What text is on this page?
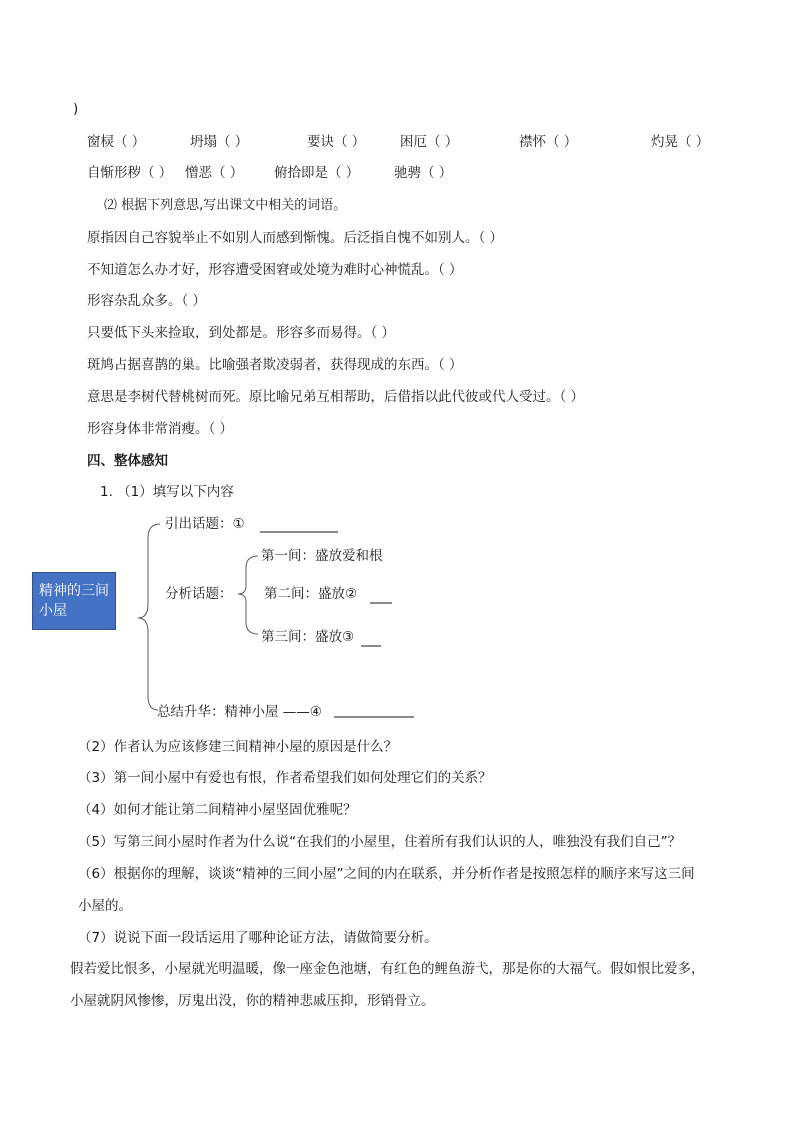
)
窗棂（ ）	坍塌（ ）	要诀（ ）	困厄（ ）	襟怀（ ）	灼晃（ ）
自惭形秽（ ） 憎恶（ ） 俯拾即是（ ）	驰骋（ ）
⑵ 根据下列意思,写出课文中相关的词语。
原指因自己容貌举止不如别人而感到惭愧。后泛指自愧不如别人。（ ）
不知道怎么办才好，形容遭受困窘或处境为难时心神慌乱。（ ）
形容杂乱众多。（ ）
只要低下头来捡取，到处都是。形容多而易得。（ ）
斑鸠占据喜鹊的巢。比喻强者欺凌弱者，获得现成的东西。（ ）
意思是李树代替桃树而死。原比喻兄弟互相帮助，后借指以此代彼或代人受过。（ ）
形容身体非常消瘦。（ ）
四、整体感知
1. （1）填写以下内容
精神的三间小屋
引出话题：①
分析话题：
第一间：盛放爱和根
第二间：盛放②
第三间：盛放③
总结升华：精神小屋 ——④
（2）作者认为应该修建三间精神小屋的原因是什么？
（3）第一间小屋中有爱也有恨，作者希望我们如何处理它们的关系？
（4）如何才能让第二间精神小屋坚固优雅呢？
（5）写第三间小屋时作者为什么说“在我们的小屋里，住着所有我们认识的人，唯独没有我们自己”？
（6）根据你的理解，谈谈“精神的三间小屋”之间的内在联系，并分析作者是按照怎样的顺序来写这三间
小屋的。
（7）说说下面一段话运用了哪种论证方法，请做简要分析。
假若爱比恨多，小屋就光明温暖，像一座金色池塘，有红色的鲤鱼游弋，那是你的大福气。假如恨比爱多，
小屋就阴风惨惨，厉鬼出没，你的精神悲戚压抑，形销骨立。
